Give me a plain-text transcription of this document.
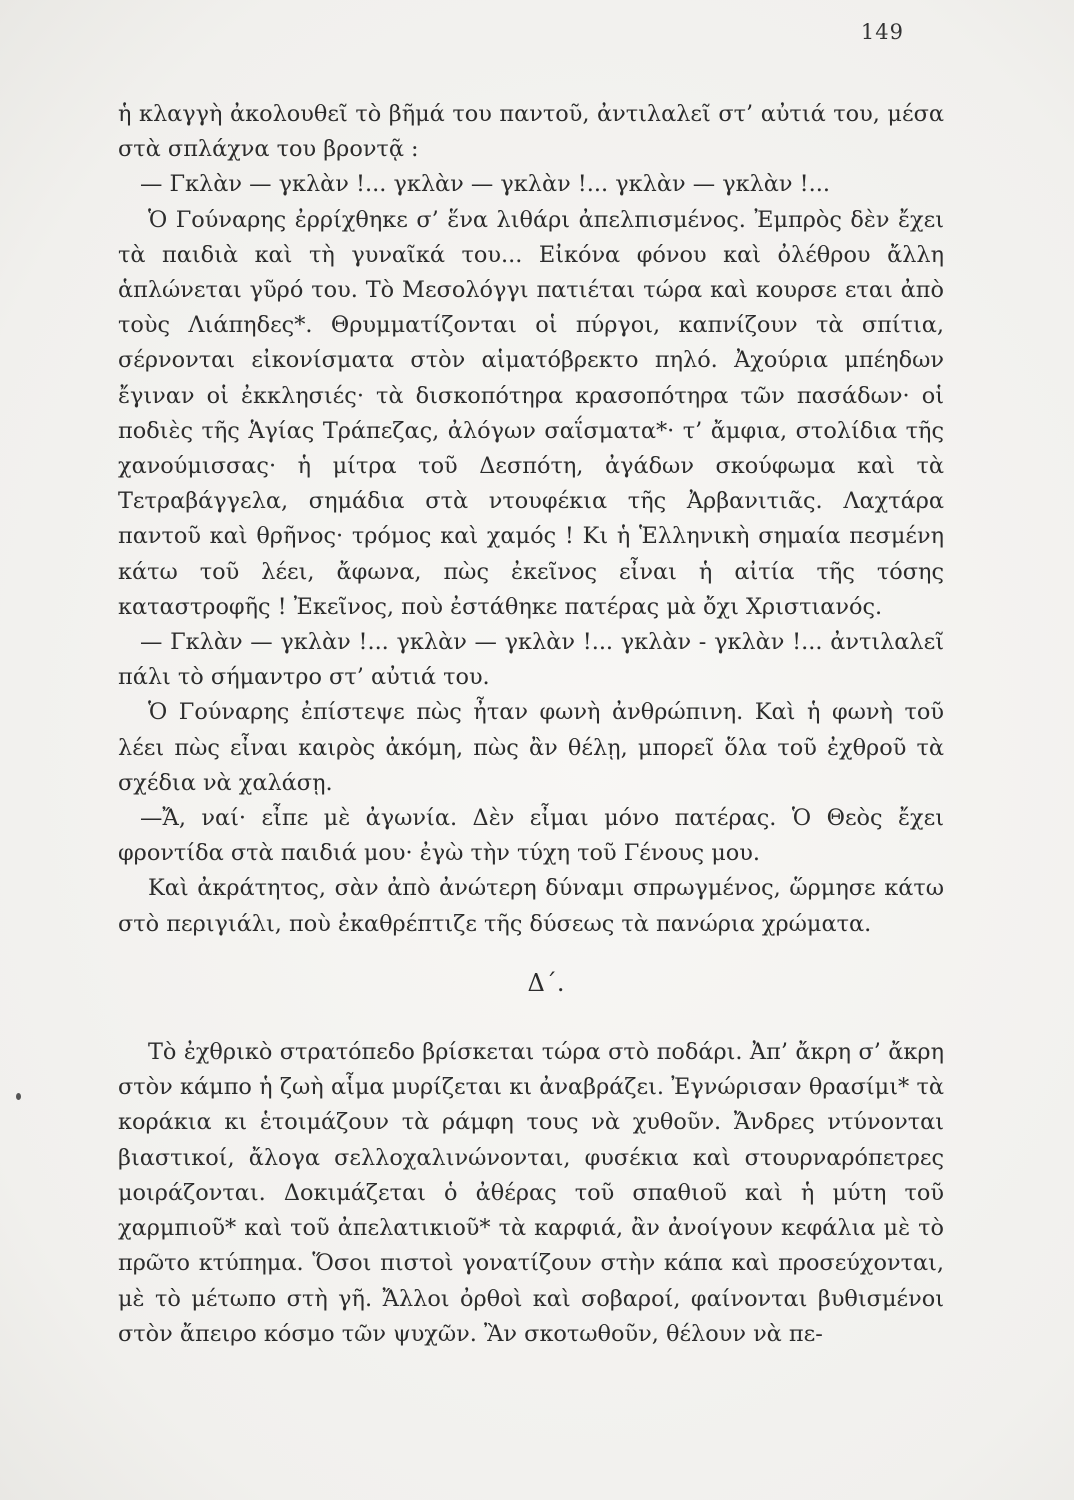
149

ἡ κλαγγὴ ἀκολουθεῖ τὸ βῆμά του παντοῦ, ἀντιλαλεῖ στ’ αὐτιά του, μέσα στὰ σπλάχνα του βροντᾷ :

— Γκλὰν — γκλὰν !... γκλὰν — γκλὰν !... γκλὰν — γκλὰν !...

Ὁ Γούναρης ἐρρίχθηκε σ’ ἕνα λιθάρι ἀπελπισμένος. Ἐμπρὸς δὲν ἔχει τὰ παιδιὰ καὶ τὴ γυναῖκά του... Εἰκόνα φόνου καὶ ὀλέθρου ἄλλη ἁπλώνεται γῦρό του. Τὸ Μεσολόγγι πατιέται τώρα καὶ κουρσε εται ἀπὸ τοὺς Λιάπηδες*. Θρυμματίζονται οἱ πύργοι, καπνίζουν τὰ σπίτια, σέρνονται εἰκονίσματα στὸν αἱματόβρεκτο πηλό. Ἀχούρια μπέηδων ἔγιναν οἱ ἐκκλησιές· τὰ δισκοπότηρα κρασοπότηρα τῶν πασάδων· οἱ ποδιὲς τῆς Ἁγίας Τράπεζας, ἀλόγων σαΐσματα*· τ’ ἄμφια, στολίδια τῆς χανούμισσας· ἡ μίτρα τοῦ Δεσπότη, ἀγάδων σκούφωμα καὶ τὰ Τετραβάγγελα, σημάδια στὰ ντουφέκια τῆς Ἀρβανιτιᾶς. Λαχτάρα παντοῦ καὶ θρῆνος· τρόμος καὶ χαμός ! Κι ἡ Ἑλληνικὴ σημαία πεσμένη κάτω τοῦ λέει, ἄφωνα, πὼς ἐκεῖνος εἶναι ἡ αἰτία τῆς τόσης καταστροφῆς ! Ἐκεῖνος, ποὺ ἐστάθηκε πατέρας μὰ ὄχι Χριστιανός.

— Γκλὰν — γκλὰν !... γκλὰν — γκλὰν !... γκλὰν - γκλὰν !... ἀντιλαλεῖ πάλι τὸ σήμαντρο στ’ αὐτιά του.

Ὁ Γούναρης ἐπίστεψε πὼς ἦταν φωνὴ ἀνθρώπινη. Καὶ ἡ φωνὴ τοῦ λέει πὼς εἶναι καιρὸς ἀκόμη, πὼς ἂν θέλῃ, μπορεῖ ὅλα τοῦ ἐχθροῦ τὰ σχέδια νὰ χαλάσῃ.

—Ἄ, ναί· εἶπε μὲ ἀγωνία. Δὲν εἶμαι μόνο πατέρας. Ὁ Θεὸς ἔχει φροντίδα στὰ παιδιά μου· ἐγὼ τὴν τύχη τοῦ Γένους μου.

Καὶ ἀκράτητος, σὰν ἀπὸ ἀνώτερη δύναμι σπρωγμένος, ὥρμησε κάτω στὸ περιγιάλι, ποὺ ἐκαθρέπτιζε τῆς δύσεως τὰ πανώρια χρώματα.

Δ΄.

Τὸ ἐχθρικὸ στρατόπεδο βρίσκεται τώρα στὸ ποδάρι. Ἀπ’ ἄκρη σ’ ἄκρη στὸν κάμπο ἡ ζωὴ αἷμα μυρίζεται κι ἀναβράζει. Ἐγνώρισαν θρασίμι* τὰ κοράκια κι ἑτοιμάζουν τὰ ράμφη τους νὰ χυθοῦν. Ἄνδρες ντύνονται βιαστικοί, ἄλογα σελλοχαλινώνονται, φυσέκια καὶ στουρναρόπετρες μοιράζονται. Δοκιμάζεται ὁ ἀθέρας τοῦ σπαθιοῦ καὶ ἡ μύτη τοῦ χαρμπιοῦ* καὶ τοῦ ἀπελατικιοῦ* τὰ καρφιά, ἂν ἀνοίγουν κεφάλια μὲ τὸ πρῶτο κτύπημα. Ὅσοι πιστοὶ γονατίζουν στὴν κάπα καὶ προσεύχονται, μὲ τὸ μέτωπο στὴ γῆ. Ἄλλοι ὀρθοὶ καὶ σοβαροί, φαίνονται βυθισμένοι στὸν ἄπειρο κόσμο τῶν ψυχῶν. Ἂν σκοτωθοῦν, θέλουν νὰ πε-
